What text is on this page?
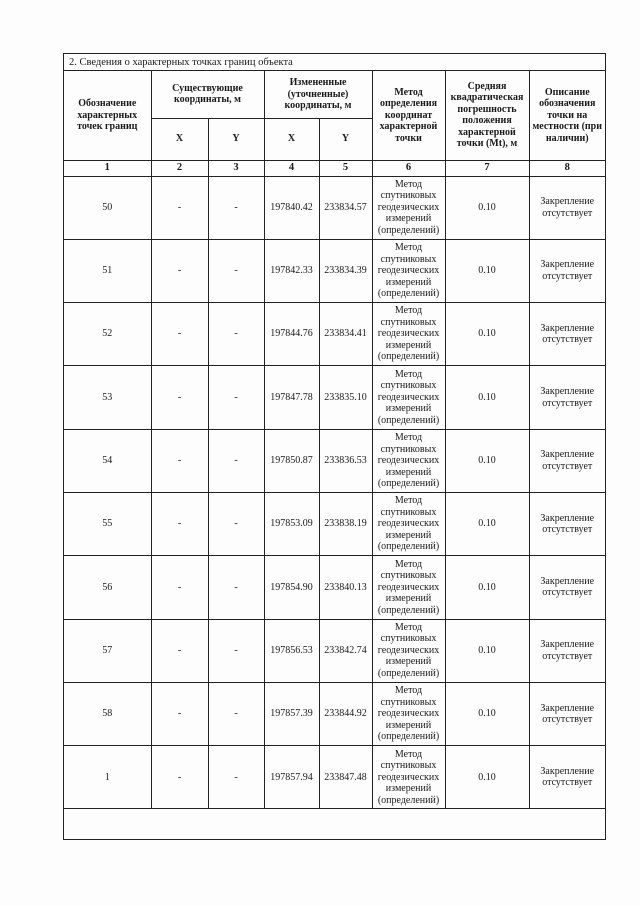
2. Сведения о характерных точках границ объекта
Обозначение характерных точек границ	Существующие координаты, м		Измененные (уточненные) координаты, м		Метод определения координат характерной точки	Средняя квадратическая погрешность положения характерной точки (Mt), м	Описание обозначения точки на местности (при наличии)
	X	Y	X	Y			
1	2	3	4	5	6	7	8
50	-	-	197840.42	233834.57	Метод спутниковых геодезических измерений (определений)	0.10	Закрепление отсутствует
51	-	-	197842.33	233834.39	Метод спутниковых геодезических измерений (определений)	0.10	Закрепление отсутствует
52	-	-	197844.76	233834.41	Метод спутниковых геодезических измерений (определений)	0.10	Закрепление отсутствует
53	-	-	197847.78	233835.10	Метод спутниковых геодезических измерений (определений)	0.10	Закрепление отсутствует
54	-	-	197850.87	233836.53	Метод спутниковых геодезических измерений (определений)	0.10	Закрепление отсутствует
55	-	-	197853.09	233838.19	Метод спутниковых геодезических измерений (определений)	0.10	Закрепление отсутствует
56	-	-	197854.90	233840.13	Метод спутниковых геодезических измерений (определений)	0.10	Закрепление отсутствует
57	-	-	197856.53	233842.74	Метод спутниковых геодезических измерений (определений)	0.10	Закрепление отсутствует
58	-	-	197857.39	233844.92	Метод спутниковых геодезических измерений (определений)	0.10	Закрепление отсутствует
1	-	-	197857.94	233847.48	Метод спутниковых геодезических измерений (определений)	0.10	Закрепление отсутствует
